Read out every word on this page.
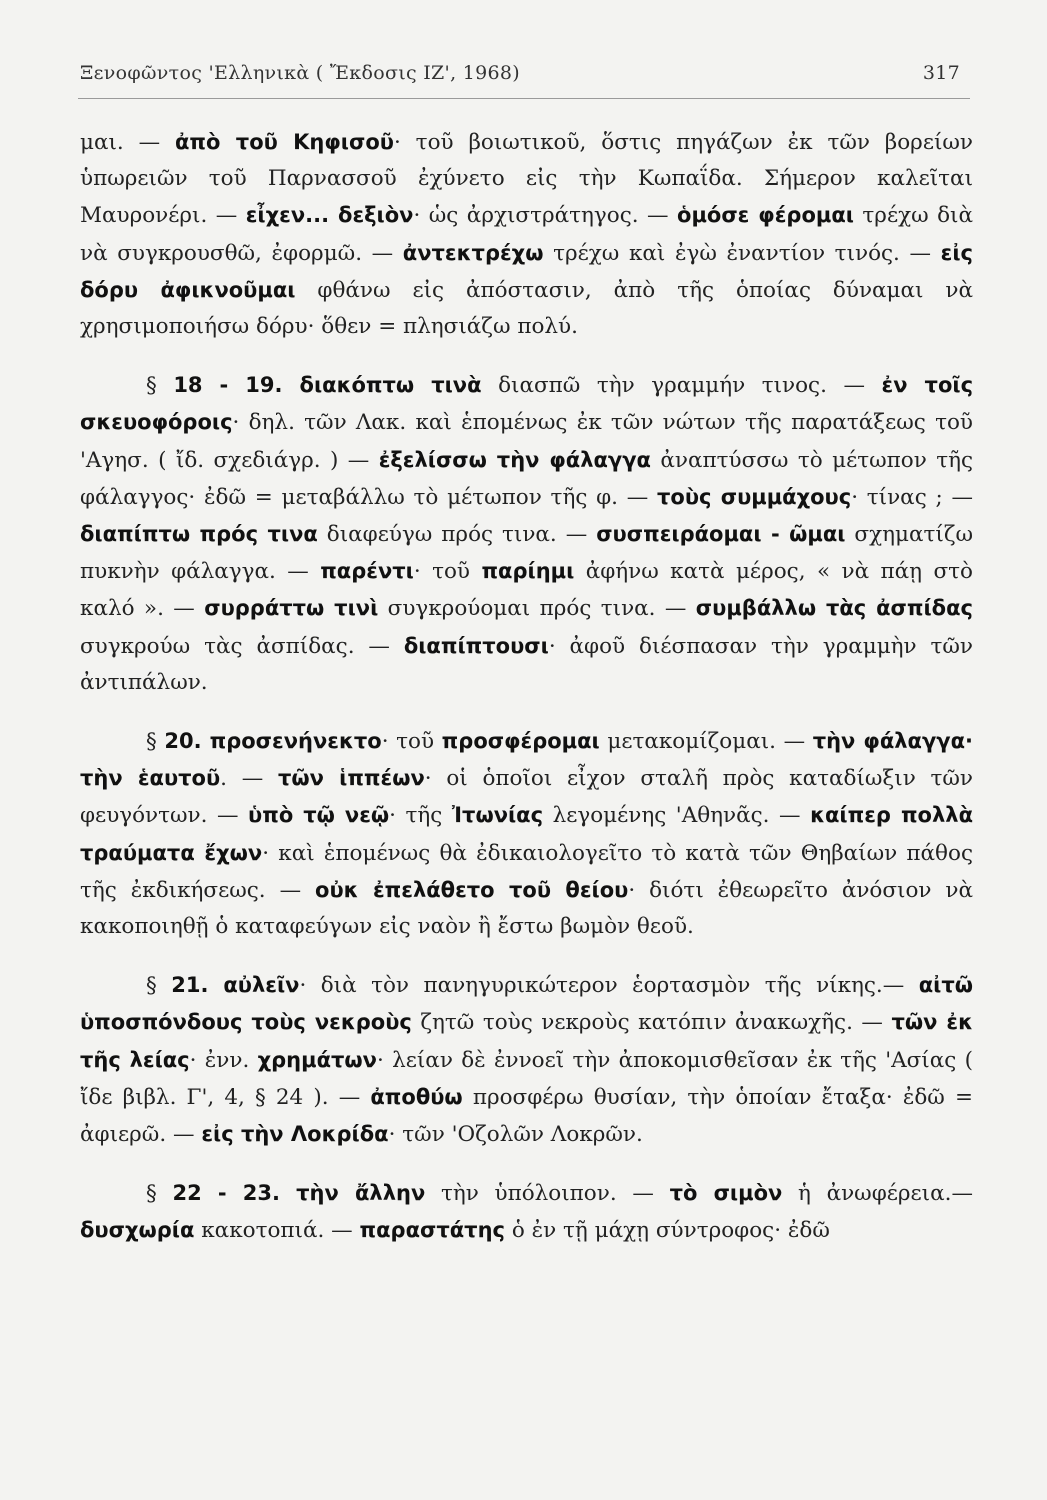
Ξενοφῶντος 'Ελληνικὰ ( Ἔκδοσις ΙΖ', 1968)	317

μαι. — ἀπὸ τοῦ Κηφισοῦ· τοῦ βοιωτικοῦ, ὅστις πηγάζων ἐκ τῶν βορείων ὑπωρειῶν τοῦ Παρνασσοῦ ἐχύνετο εἰς τὴν Κωπαΐδα. Σήμερον καλεῖται Μαυρονέρι. — εἶχεν... δεξιὸν· ὡς ἀρχιστράτηγος. — ὁμόσε φέρομαι τρέχω διὰ νὰ συγκρουσθῶ, ἐφορμῶ. — ἀντεκτρέχω τρέχω καὶ ἐγὼ ἐναντίον τινός. — εἰς δόρυ ἀφικνοῦμαι φθάνω εἰς ἀπόστασιν, ἀπὸ τῆς ὁποίας δύναμαι νὰ χρησιμοποιήσω δόρυ· ὅθεν = πλησιάζω πολύ.

§ 18 - 19. διακόπτω τινὰ διασπῶ τὴν γραμμήν τινος. — ἐν τοῖς σκευοφόροις· δηλ. τῶν Λακ. καὶ ἑπομένως ἐκ τῶν νώτων τῆς παρατάξεως τοῦ 'Αγησ. ( ἴδ. σχεδιάγρ. ) — ἐξελίσσω τὴν φάλαγγα ἀναπτύσσω τὸ μέτωπον τῆς φάλαγγος· ἐδῶ = μεταβάλλω τὸ μέτωπον τῆς φ. — τοὺς συμμάχους· τίνας ; — διαπίπτω πρός τινα διαφεύγω πρός τινα. — συσπειράομαι - ῶμαι σχηματίζω πυκνὴν φάλαγγα. — παρέντι· τοῦ παρίημι ἀφήνω κατὰ μέρος, « νὰ πάῃ στὸ καλό ». — συρράττω τινὶ συγκρούομαι πρός τινα. — συμβάλλω τὰς ἀσπίδας συγκρούω τὰς ἀσπίδας. — διαπίπτουσι· ἀφοῦ διέσπασαν τὴν γραμμὴν τῶν ἀντιπάλων.

§ 20. προσενήνεκτο· τοῦ προσφέρομαι μετακομίζομαι. — τὴν φάλαγγα· τὴν ἑαυτοῦ. — τῶν ἱππέων· οἱ ὁποῖοι εἶχον σταλῆ πρὸς καταδίωξιν τῶν φευγόντων. — ὑπὸ τῷ νεῷ· τῆς Ἰτωνίας λεγομένης 'Αθηνᾶς. — καίπερ πολλὰ τραύματα ἔχων· καὶ ἑπομένως θὰ ἐδικαιολογεῖτο τὸ κατὰ τῶν Θηβαίων πάθος τῆς ἐκδικήσεως. — οὐκ ἐπελάθετο τοῦ θείου· διότι ἐθεωρεῖτο ἀνόσιον νὰ κακοποιηθῇ ὁ καταφεύγων εἰς ναὸν ἢ ἔστω βωμὸν θεοῦ.

§ 21. αὐλεῖν· διὰ τὸν πανηγυρικώτερον ἑορτασμὸν τῆς νίκης.— αἰτῶ ὑποσπόνδους τοὺς νεκροὺς ζητῶ τοὺς νεκροὺς κατόπιν ἀνακωχῆς. — τῶν ἐκ τῆς λείας· ἐνν. χρημάτων· λείαν δὲ ἐννοεῖ τὴν ἀποκομισθεῖσαν ἐκ τῆς 'Ασίας ( ἴδε βιβλ. Γ', 4, § 24 ). — ἀποθύω προσφέρω θυσίαν, τὴν ὁποίαν ἔταξα· ἐδῶ = ἀφιερῶ. — εἰς τὴν Λοκρίδα· τῶν 'Οζολῶν Λοκρῶν.

§ 22 - 23. τὴν ἄλλην τὴν ὑπόλοιπον. — τὸ σιμὸν ἡ ἀνωφέρεια.— δυσχωρία κακοτοπιά. — παραστάτης ὁ ἐν τῇ μάχῃ σύντροφος· ἐδῶ
